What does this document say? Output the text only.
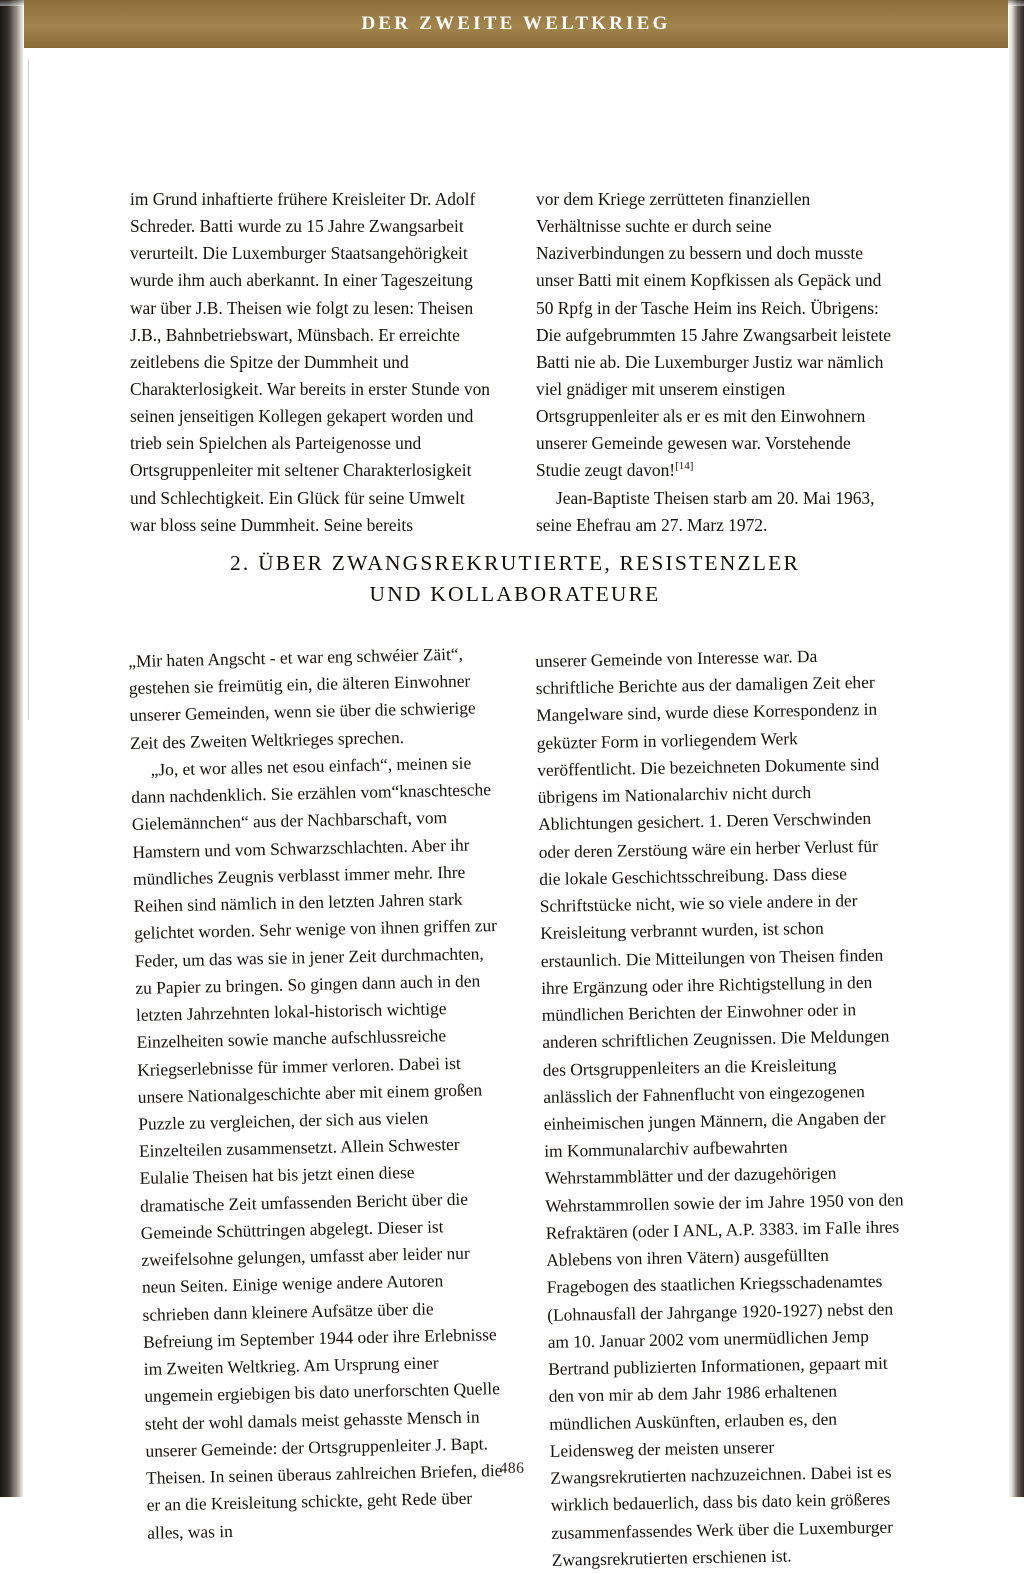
DER ZWEITE WELTKRIEG

im Grund inhaftierte frühere Kreisleiter Dr. Adolf Schreder. Batti wurde zu 15 Jahre Zwangsarbeit verurteilt. Die Luxemburger Staatsangehörigkeit wurde ihm auch aberkannt. In einer Tageszeitung war über J.B. Theisen wie folgt zu lesen: Theisen J.B., Bahnbetriebswart, Münsbach. Er erreichte zeitlebens die Spitze der Dummheit und Charakterlosigkeit. War bereits in erster Stunde von seinen jenseitigen Kollegen gekapert worden und trieb sein Spielchen als Parteigenosse und Ortsgruppenleiter mit seltener Charakterlosigkeit und Schlechtigkeit. Ein Glück für seine Umwelt war bloss seine Dummheit. Seine bereits

vor dem Kriege zerrütteten finanziellen Verhältnisse suchte er durch seine Naziverbindungen zu bessern und doch musste unser Batti mit einem Kopfkissen als Gepäck und 50 Rpfg in der Tasche Heim ins Reich. Übrigens: Die aufgebrummten 15 Jahre Zwangsarbeit leistete Batti nie ab. Die Luxemburger Justiz war nämlich viel gnädiger mit unserem einstigen Ortsgruppenleiter als er es mit den Einwohnern unserer Gemeinde gewesen war. Vorstehende Studie zeugt davon![14]

Jean-Baptiste Theisen starb am 20. Mai 1963, seine Ehefrau am 27. Marz 1972.

2. ÜBER ZWANGSREKRUTIERTE, RESISTENZLER
UND KOLLABORATEURE

„Mir haten Angscht - et war eng schwéier Zäit“, gestehen sie freimütig ein, die älteren Einwohner unserer Gemeinden, wenn sie über die schwierige Zeit des Zweiten Weltkrieges sprechen.

„Jo, et wor alles net esou einfach“, meinen sie dann nachdenklich. Sie erzählen vom“knaschtesche Gielemännchen“ aus der Nachbarschaft, vom Hamstern und vom Schwarzschlachten. Aber ihr mündliches Zeugnis verblasst immer mehr. Ihre Reihen sind nämlich in den letzten Jahren stark gelichtet worden. Sehr wenige von ihnen griffen zur Feder, um das was sie in jener Zeit durchmachten, zu Papier zu bringen. So gingen dann auch in den letzten Jahrzehnten lokal-historisch wichtige Einzelheiten sowie manche aufschlussreiche Kriegserlebnisse für immer verloren. Dabei ist unsere Nationalgeschichte aber mit einem großen Puzzle zu vergleichen, der sich aus vielen Einzelteilen zusammensetzt. Allein Schwester Eulalie Theisen hat bis jetzt einen diese dramatische Zeit umfassenden Bericht über die Gemeinde Schüttringen abgelegt. Dieser ist zweifelsohne gelungen, umfasst aber leider nur neun Seiten. Einige wenige andere Autoren schrieben dann kleinere Aufsätze über die Befreiung im September 1944 oder ihre Erlebnisse im Zweiten Weltkrieg. Am Ursprung einer ungemein ergiebigen bis dato unerforschten Quelle steht der wohl damals meist gehasste Mensch in unserer Gemeinde: der Ortsgruppenleiter J. Bapt. Theisen. In seinen überaus zahlreichen Briefen, die er an die Kreisleitung schickte, geht Rede über alles, was in

unserer Gemeinde von Interesse war. Da schriftliche Berichte aus der damaligen Zeit eher Mangelware sind, wurde diese Korrespondenz in geküzter Form in vorliegendem Werk veröffentlicht. Die bezeichneten Dokumente sind übrigens im Nationalarchiv nicht durch Ablichtungen gesichert. 1. Deren Verschwinden oder deren Zerstöung wäre ein herber Verlust für die lokale Geschichtsschreibung. Dass diese Schriftstücke nicht, wie so viele andere in der Kreisleitung verbrannt wurden, ist schon erstaunlich. Die Mitteilungen von Theisen finden ihre Ergänzung oder ihre Richtigstellung in den mündlichen Berichten der Einwohner oder in anderen schriftlichen Zeugnissen. Die Meldungen des Ortsgruppenleiters an die Kreisleitung anlässlich der Fahnenflucht von eingezogenen einheimischen jungen Männern, die Angaben der im Kommunalarchiv aufbewahrten Wehrstammblätter und der dazugehörigen Wehrstammrollen sowie der im Jahre 1950 von den Refraktären (oder I ANL, A.P. 3383. im FaIle ihres Ablebens von ihren Vätern) ausgefüllten Fragebogen des staatlichen Kriegsschadenamtes (Lohnausfall der Jahrgange 1920-1927) nebst den am 10. Januar 2002 vom unermüdlichen Jemp Bertrand publizierten Informationen, gepaart mit den von mir ab dem Jahr 1986 erhaltenen mündlichen Auskünften, erlauben es, den Leidensweg der meisten unserer Zwangsrekrutierten nachzuzeichnen. Dabei ist es wirklich bedauerlich, dass bis dato kein größeres zusammenfassendes Werk über die Luxemburger Zwangsrekrutierten erschienen ist.

486
